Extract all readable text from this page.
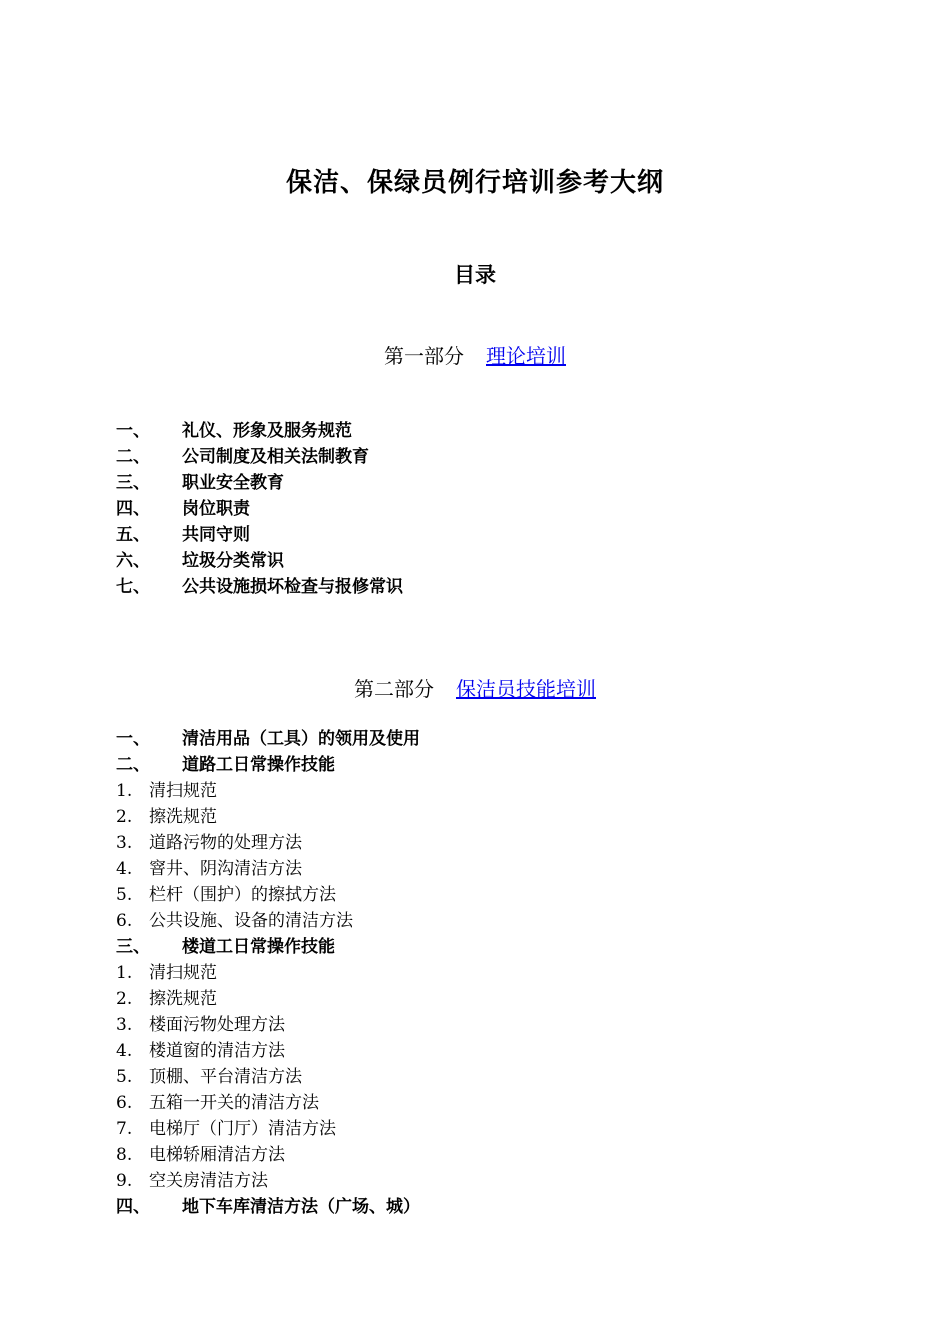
保洁、保绿员例行培训参考大纲
目录
第一部分 理论培训
一、 礼仪、形象及服务规范
二、 公司制度及相关法制教育
三、 职业安全教育
四、 岗位职责
五、 共同守则
六、 垃圾分类常识
七、 公共设施损坏检查与报修常识
第二部分 保洁员技能培训
一、 清洁用品（工具）的领用及使用
二、 道路工日常操作技能
1. 清扫规范
2. 擦洗规范
3. 道路污物的处理方法
4. 窨井、阴沟清洁方法
5. 栏杆（围护）的擦拭方法
6. 公共设施、设备的清洁方法
三、 楼道工日常操作技能
1. 清扫规范
2. 擦洗规范
3. 楼面污物处理方法
4. 楼道窗的清洁方法
5. 顶棚、平台清洁方法
6. 五箱一开关的清洁方法
7. 电梯厅（门厅）清洁方法
8. 电梯轿厢清洁方法
9. 空关房清洁方法
四、 地下车库清洁方法（广场、城）
